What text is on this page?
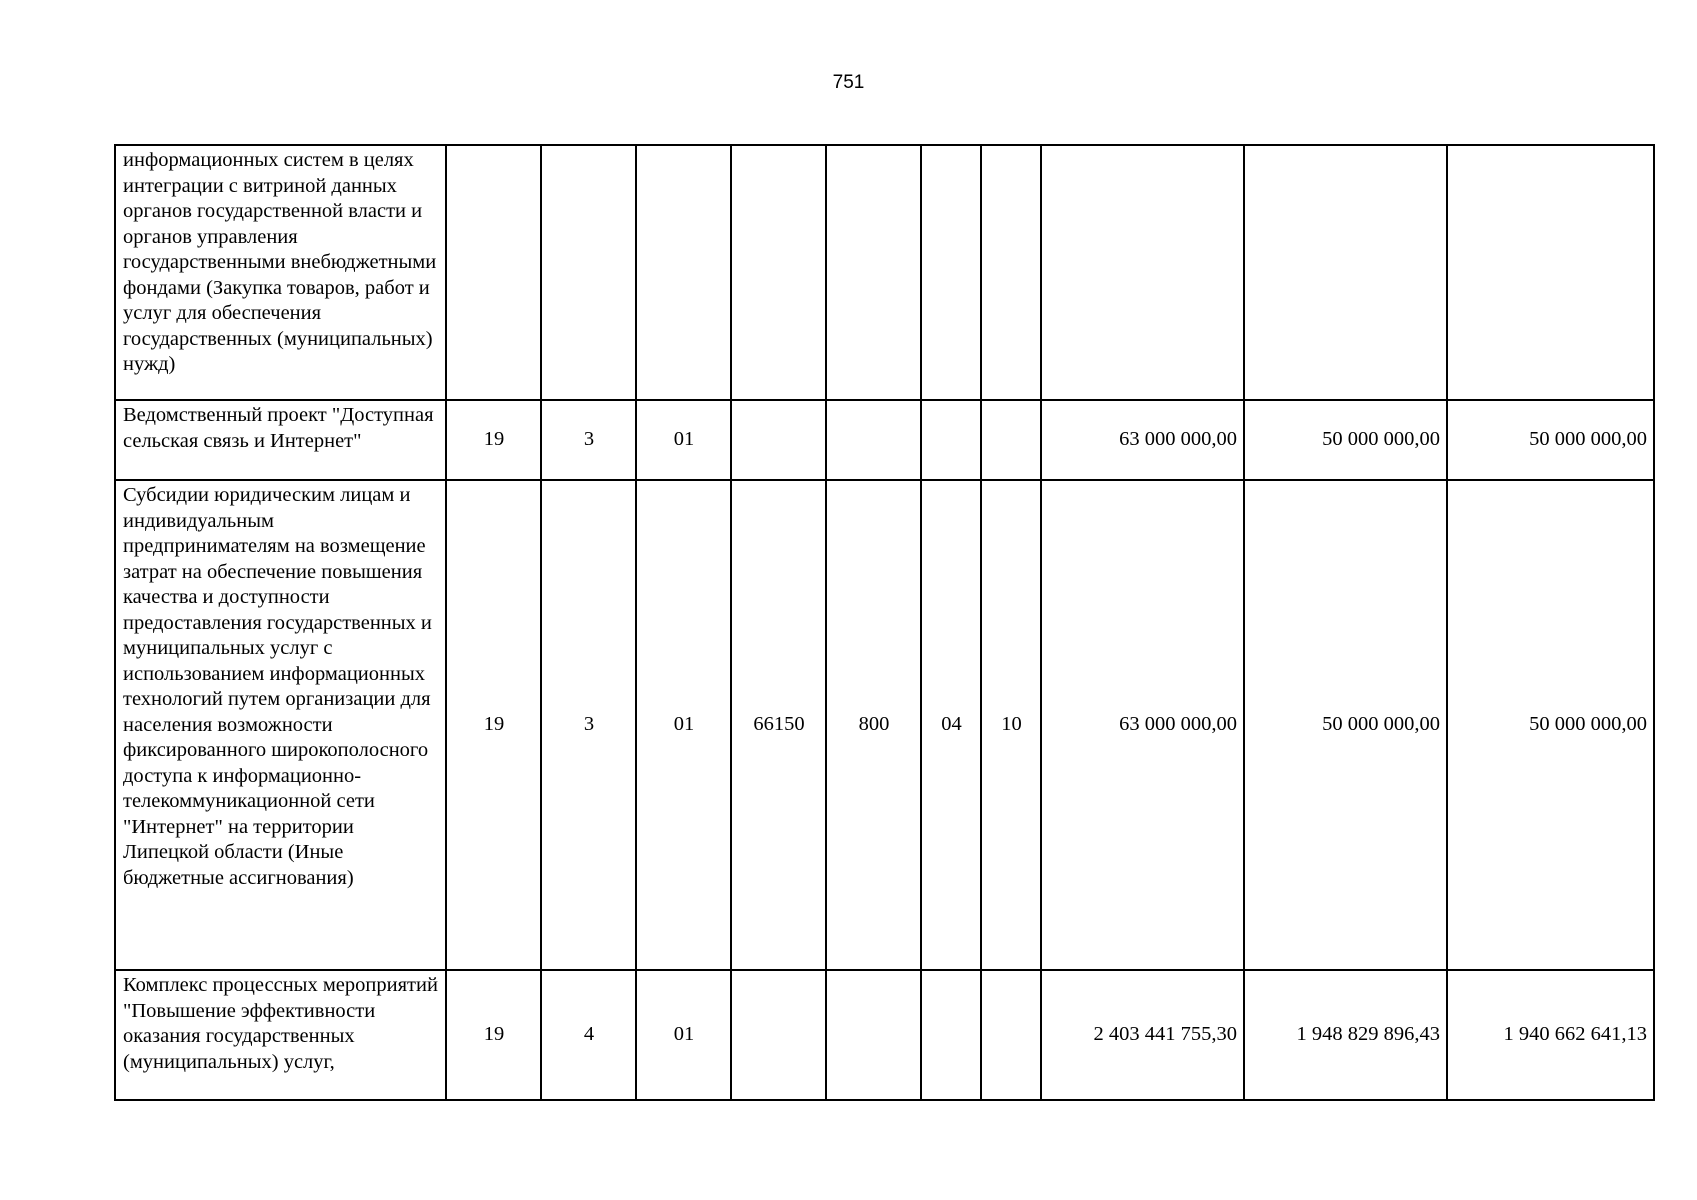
751
информационных систем в целях интеграции с витриной данных органов государственной власти и органов управления государственными внебюджетными фондами (Закупка товаров, работ и услуг для обеспечения государственных (муниципальных) нужд)										
Ведомственный проект "Доступная сельская связь и Интернет"	19	3	01					63 000 000,00	50 000 000,00	50 000 000,00
Субсидии юридическим лицам и индивидуальным предпринимателям на возмещение затрат на обеспечение повышения качества и доступности предоставления государственных и муниципальных услуг с использованием информационных технологий путем организации для населения возможности фиксированного широкополосного доступа к информационно-телекоммуникационной сети "Интернет" на территории Липецкой области (Иные бюджетные ассигнования)	19	3	01	66150	800	04	10	63 000 000,00	50 000 000,00	50 000 000,00
Комплекс процессных мероприятий "Повышение эффективности оказания государственных (муниципальных) услуг,	19	4	01					2 403 441 755,30	1 948 829 896,43	1 940 662 641,13
